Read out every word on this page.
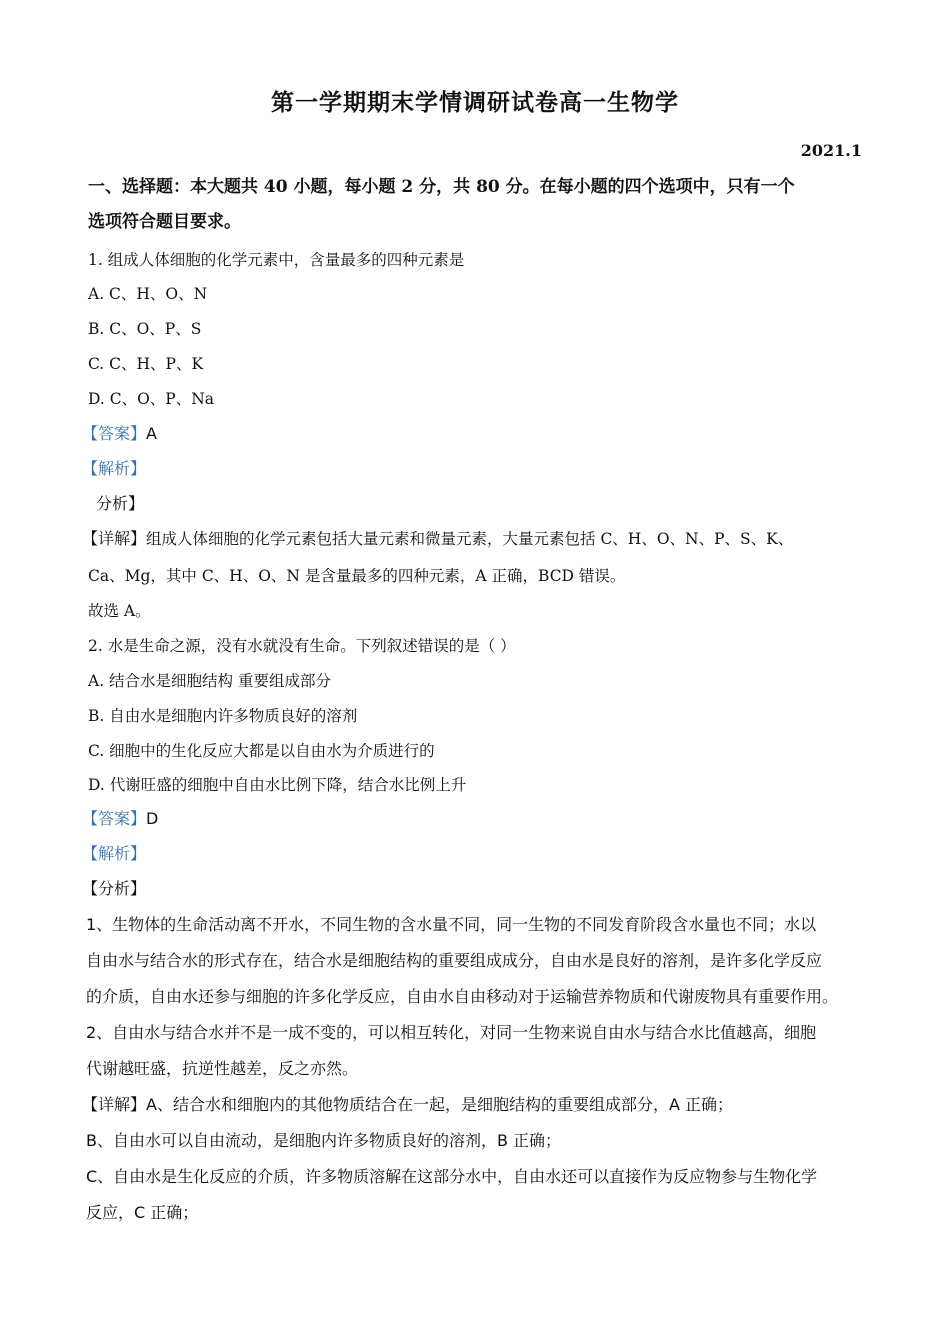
第一学期期末学情调研试卷高一生物学
2021.1
一、选择题：本大题共 40 小题，每小题 2 分，共 80 分。在每小题的四个选项中，只有一个
选项符合题目要求。
1. 组成人体细胞的化学元素中，含量最多的四种元素是
A. C、H、O、N
B. C、O、P、S
C. C、H、P、K
D. C、O、P、Na
【答案】A
【解析】
分析】
【详解】组成人体细胞的化学元素包括大量元素和微量元素，大量元素包括 C、H、O、N、P、S、K、
Ca、Mg，其中 C、H、O、N 是含量最多的四种元素，A 正确，BCD 错误。
故选 A。
2. 水是生命之源，没有水就没有生命。下列叙述错误的是（ ）
A. 结合水是细胞结构 重要组成部分
B. 自由水是细胞内许多物质良好的溶剂
C. 细胞中的生化反应大都是以自由水为介质进行的
D. 代谢旺盛的细胞中自由水比例下降，结合水比例上升
【答案】D
【解析】
【分析】
1、生物体的生命活动离不开水，不同生物的含水量不同，同一生物的不同发育阶段含水量也不同；水以
自由水与结合水的形式存在，结合水是细胞结构的重要组成成分，自由水是良好的溶剂，是许多化学反应
的介质，自由水还参与细胞的许多化学反应，自由水自由移动对于运输营养物质和代谢废物具有重要作用。
2、自由水与结合水并不是一成不变的，可以相互转化，对同一生物来说自由水与结合水比值越高，细胞
代谢越旺盛，抗逆性越差，反之亦然。
【详解】A、结合水和细胞内的其他物质结合在一起，是细胞结构的重要组成部分，A 正确；
B、自由水可以自由流动，是细胞内许多物质良好的溶剂，B 正确；
C、自由水是生化反应的介质，许多物质溶解在这部分水中，自由水还可以直接作为反应物参与生物化学
反应，C 正确；
